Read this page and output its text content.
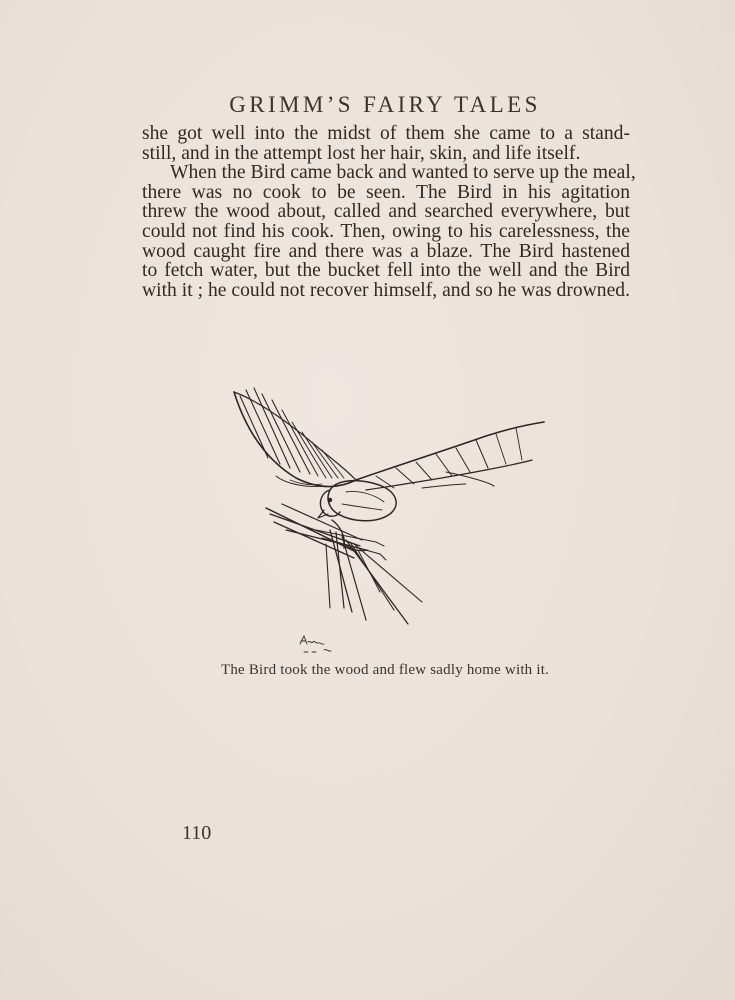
GRIMM’S FAIRY TALES
she got well into the midst of them she came to a stand-
still, and in the attempt lost her hair, skin, and life itself.
When the Bird came back and wanted to serve up the meal,
there was no cook to be seen. The Bird in his agitation
threw the wood about, called and searched everywhere, but
could not find his cook. Then, owing to his carelessness, the
wood caught fire and there was a blaze. The Bird hastened
to fetch water, but the bucket fell into the well and the Bird
with it ; he could not recover himself, and so he was drowned.
The Bird took the wood and flew sadly home with it.
110
